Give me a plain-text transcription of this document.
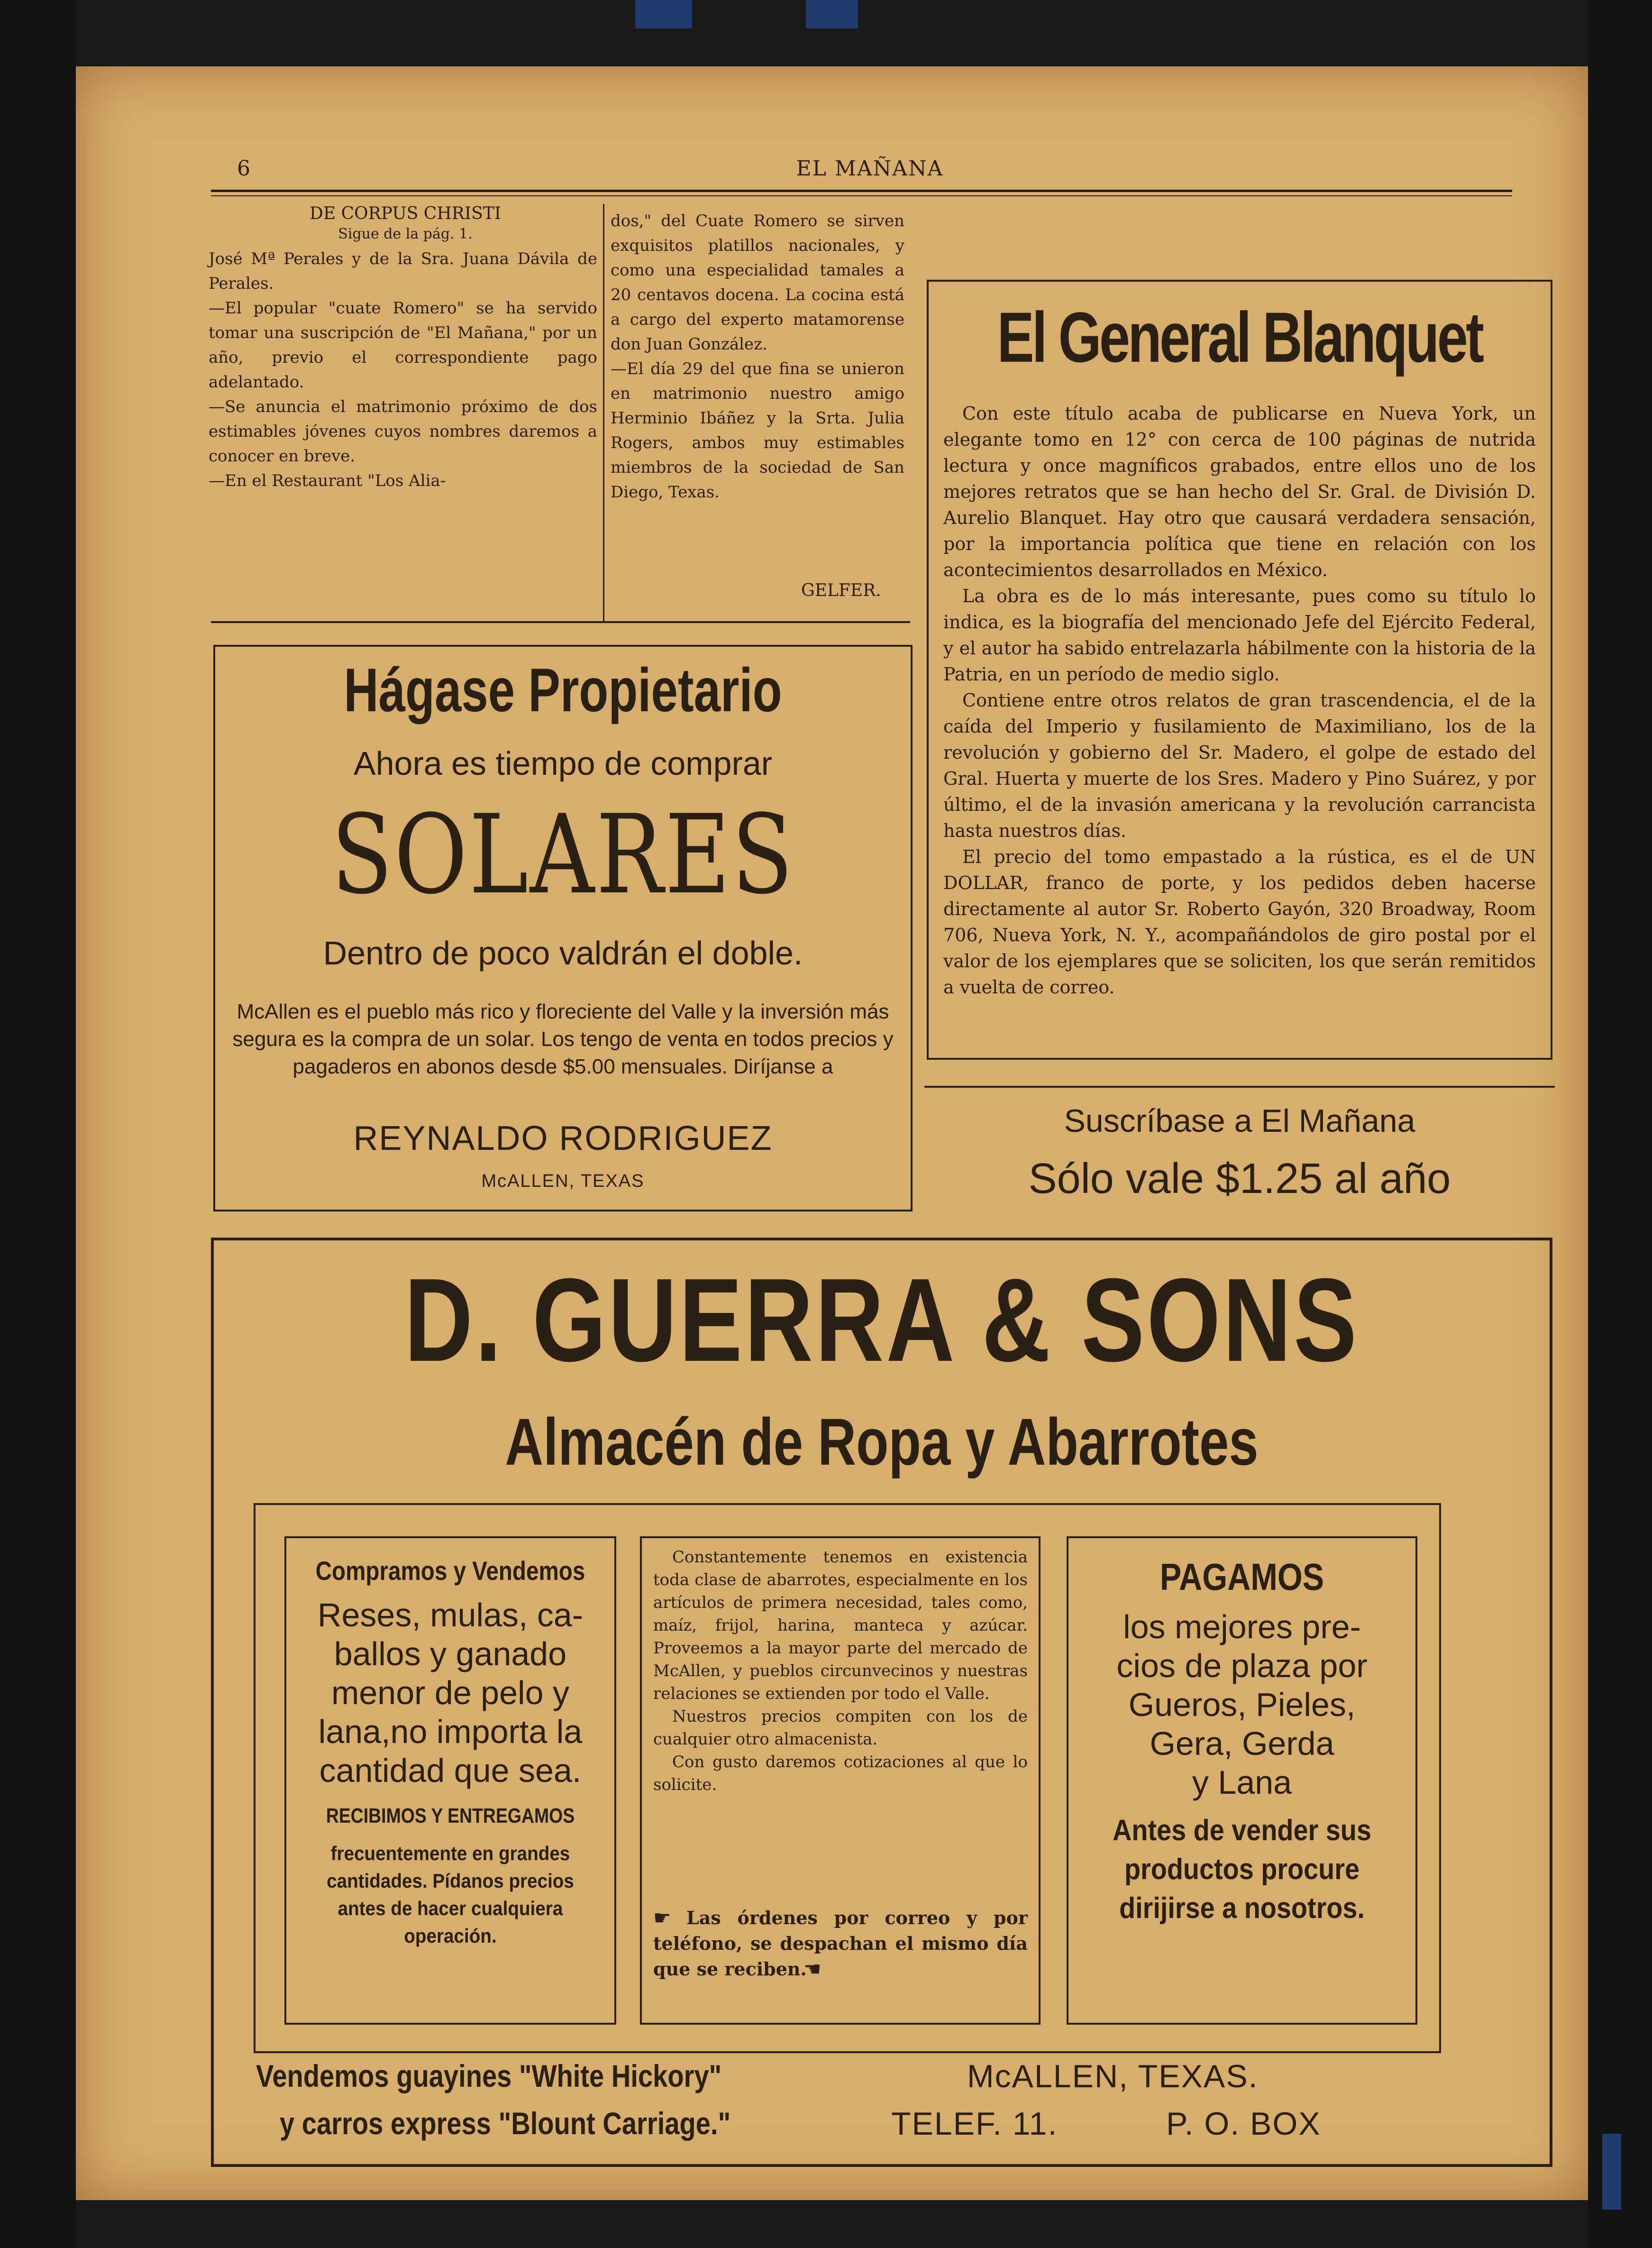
6	EL MAÑANA
DE CORPUS CHRISTI
Sigue de la pág. 1.

José Mª Perales y de la Sra. Juana Dávila de Perales.

—El popular "cuate Romero" se ha servido tomar una suscripción de "El Mañana," por un año, previo el correspondiente pago adelantado.

—Se anuncia el matrimonio próximo de dos estimables jóvenes cuyos nombres daremos a conocer en breve.

—En el Restaurant "Los Alia-

dos," del Cuate Romero se sirven exquisitos platillos nacionales, y como una especialidad tamales a 20 centavos docena. La cocina está a cargo del experto matamorense don Juan González.

—El día 29 del que fina se unieron en matrimonio nuestro amigo Herminio Ibáñez y la Srta. Julia Rogers, ambos muy estimables miembros de la sociedad de San Diego, Texas.

GELFER.
El General Blanquet

Con este título acaba de publicarse en Nueva York, un elegante tomo en 12° con cerca de 100 páginas de nutrida lectura y once magníficos grabados, entre ellos uno de los mejores retratos que se han hecho del Sr. Gral. de División D. Aurelio Blanquet. Hay otro que causará verdadera sensación, por la importancia política que tiene en relación con los acontecimientos desarrollados en México.

La obra es de lo más interesante, pues como su título lo indica, es la biografía del mencionado Jefe del Ejército Federal, y el autor ha sabido entrelazarla hábilmente con la historia de la Patria, en un período de medio siglo.

Contiene entre otros relatos de gran trascendencia, el de la caída del Imperio y fusilamiento de Maximiliano, los de la revolución y gobierno del Sr. Madero, el golpe de estado del Gral. Huerta y muerte de los Sres. Madero y Pino Suárez, y por último, el de la invasión americana y la revolución carrancista hasta nuestros días.

El precio del tomo empastado a la rústica, es el de UN DOLLAR, franco de porte, y los pedidos deben hacerse directamente al autor Sr. Roberto Gayón, 320 Broadway, Room 706, Nueva York, N. Y., acompañándolos de giro postal por el valor de los ejemplares que se soliciten, los que serán remitidos a vuelta de correo.

Hágase Propietario
Ahora es tiempo de comprar
SOLARES
Dentro de poco valdrán el doble.
McAllen es el pueblo más rico y floreciente del Valle y la inversión más segura es la compra de un solar. Los tengo de venta en todos precios y pagaderos en abonos desde $5.00 mensuales. Diríjanse a
REYNALDO RODRIGUEZ
McALLEN, TEXAS
Suscríbase a El Mañana
Sólo vale $1.25 al año
D. GUERRA & SONS
Almacén de Ropa y Abarrotes
Compramos y Vendemos
Reses, mulas, ca-
ballos y ganado
menor de pelo y
lana,no importa la
cantidad que sea.
RECIBIMOS Y ENTREGAMOS
frecuentemente en grandes cantidades. Pídanos precios antes de hacer cualquiera operación.

Constantemente tenemos en existencia toda clase de abarrotes, especialmente en los artículos de primera necesidad, tales como, maíz, frijol, harina, manteca y azúcar. Proveemos a la mayor parte del mercado de McAllen, y pueblos circunvecinos y nuestras relaciones se extienden por todo el Valle.

Nuestros precios compiten con los de cualquier otro almacenista.

Con gusto daremos cotizaciones al que lo solicite.

☛ Las órdenes por correo y por teléfono, se despachan el mismo día que se reciben.
☛
PAGAMOS
los mejores pre-
cios de plaza por
Gueros, Pieles,
Gera, Gerda
y Lana
Antes de vender sus productos procure dirijirse a nosotros.
Vendemos guayines "White Hickory"
y carros express "Blount Carriage."
McALLEN, TEXAS.
TELEF. 11.	P. O. BOX
